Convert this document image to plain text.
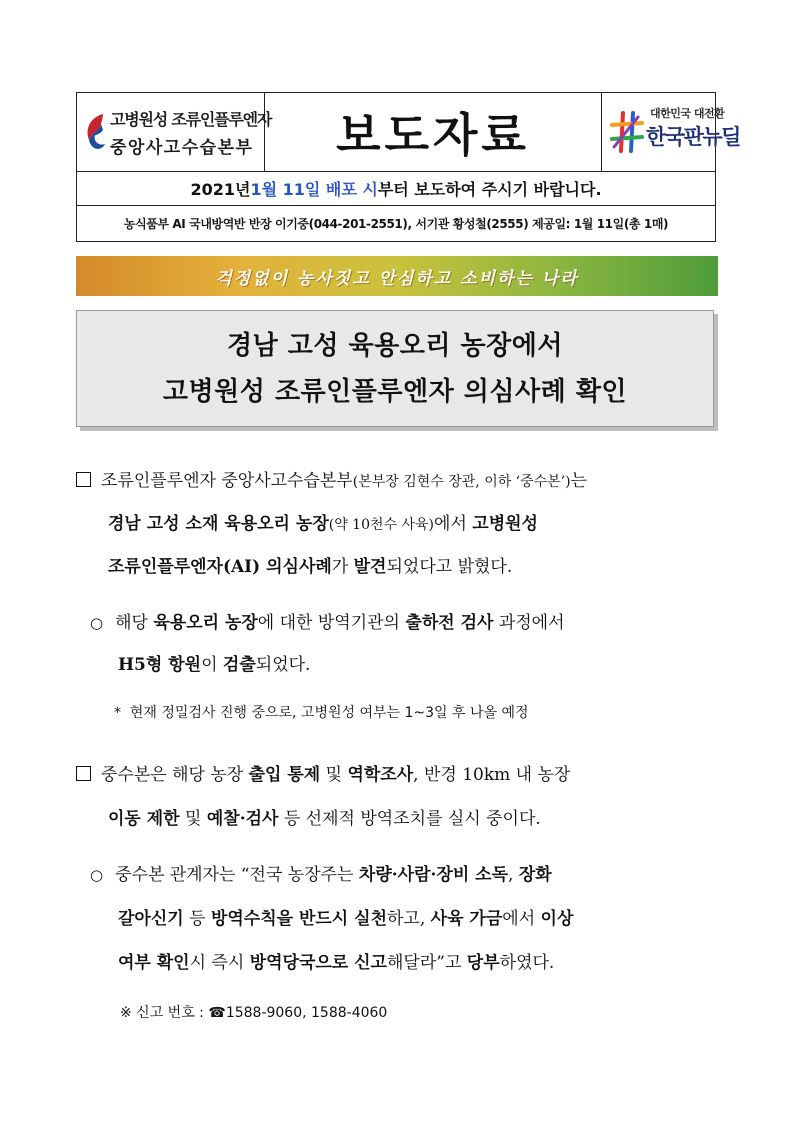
고병원성 조류인플루엔자
중앙사고수습본부 보도자료	대한민국 대전환
한국판뉴딜
2021년 1월 11일 배포 시 부터 보도하여 주시기 바랍니다.
농식품부 AI 국내방역반 반장 이기중(044-201-2551), 서기관 황성철(2555) 제공일: 1월 11일(총 1매)
걱정없이 농사짓고 안심하고 소비하는 나라
경남 고성 육용오리 농장에서
고병원성 조류인플루엔자 의심사례 확인
조류인플루엔자 중앙사고수습본부(본부장 김현수 장관, 이하 ‘중수본’)는
경남 고성 소재 육용오리 농장(약 10천수 사육)에서 고병원성
조류인플루엔자(AI) 의심사례가 발견되었다고 밝혔다.
○ 해당 육용오리 농장에 대한 방역기관의 출하전 검사 과정에서
H5형 항원이 검출되었다.
*  현재 정밀검사 진행 중으로, 고병원성 여부는 1~3일 후 나올 예정
중수본은 해당 농장 출입 통제 및 역학조사, 반경 10km 내 농장
이동 제한 및 예찰·검사 등 선제적 방역조치를 실시 중이다.
○ 중수본 관계자는 “전국 농장주는 차량·사람·장비 소독, 장화
갈아신기 등 방역수칙을 반드시 실천하고, 사육 가금에서 이상
여부 확인시 즉시 방역당국으로 신고해달라”고 당부하였다.
※ 신고 번호 : ☎1588-9060, 1588-4060
